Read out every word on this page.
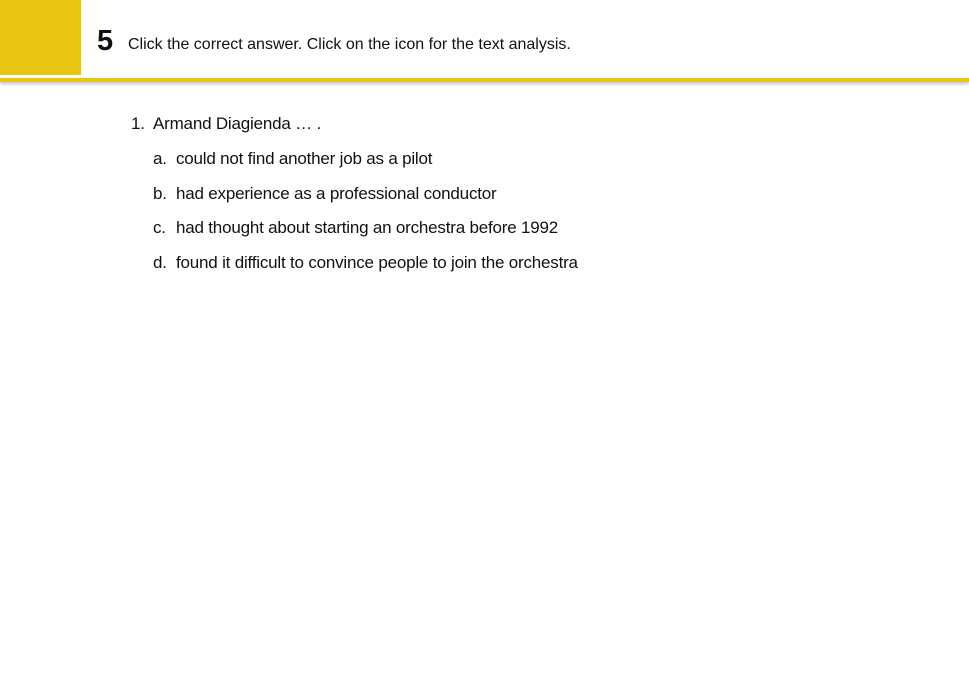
5 Click the correct answer. Click on the icon for the text analysis.
1. Armand Diagienda … .
a. could not find another job as a pilot
b. had experience as a professional conductor
c. had thought about starting an orchestra before 1992
d. found it difficult to convince people to join the orchestra
